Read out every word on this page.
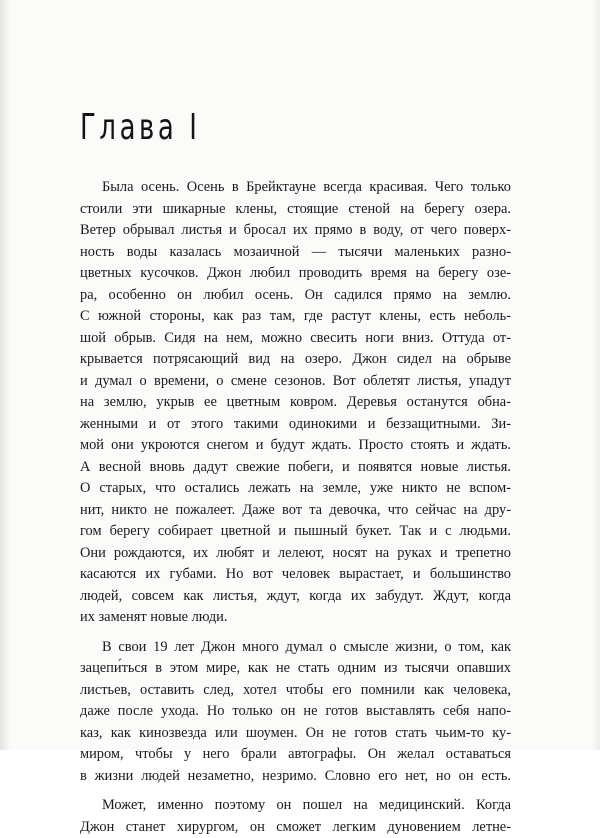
Глава I

Была осень. Осень в Брейктауне всегда красивая. Чего только
стоили эти шикарные клены, стоящие стеной на берегу озера.
Ветер обрывал листья и бросал их прямо в воду, от чего поверх-
ность воды казалась мозаичной — тысячи маленьких разно-
цветных кусочков. Джон любил проводить время на берегу озе-
ра, особенно он любил осень. Он садился прямо на землю.
С южной стороны, как раз там, где растут клены, есть неболь-
шой обрыв. Сидя на нем, можно свесить ноги вниз. Оттуда от-
крывается потрясающий вид на озеро. Джон сидел на обрыве
и думал о времени, о смене сезонов. Вот облетят листья, упадут
на землю, укрыв ее цветным ковром. Деревья останутся обна-
женными и от этого такими одинокими и беззащитными. Зи-
мой они укроются снегом и будут ждать. Просто стоять и ждать.
А весной вновь дадут свежие побеги, и появятся новые листья.
О старых, что остались лежать на земле, уже никто не вспом-
нит, никто не пожалеет. Даже вот та девочка, что сейчас на дру-
гом берегу собирает цветной и пышный букет. Так и с людьми.
Они рождаются, их любят и лелеют, носят на руках и трепетно
касаются их губами. Но вот человек вырастает, и большинство
людей, совсем как листья, ждут, когда их забудут. Ждут, когда
их заменят новые люди.

В свои 19 лет Джон много думал о смысле жизни, о том, как
зацепи́ться в этом мире, как не стать одним из тысячи опавших
листьев, оставить след, хотел чтобы его помнили как человека,
даже после ухода. Но только он не готов выставлять себя напо-
каз, как кинозвезда или шоумен. Он не готов стать чьим-то ку-
миром, чтобы у него брали автографы. Он желал оставаться
в жизни людей незаметно, незримо. Словно его нет, но он есть.

Может, именно поэтому он пошел на медицинский. Когда
Джон станет хирургом, он сможет легким дуновением летне-
